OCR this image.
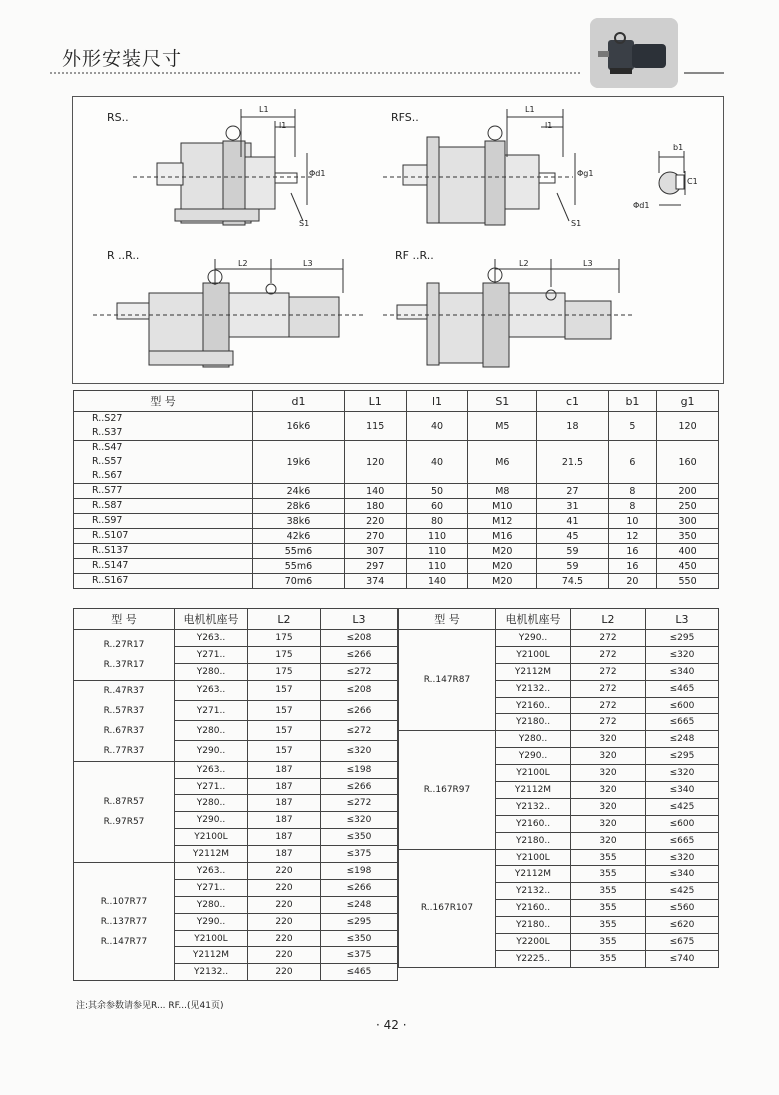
外形安装尺寸
RS..	RFS..
R ..R..	RF ..R..
L1
l1
Φd1
S1
L1
l1
Φg1
S1
L2	L3	L2	L3
b1
C1
Φd1
型 号	d1	L1	l1	S1	c1	b1	g1

R..S27
R..S37	16k6	115	40	M5	18	5	120

R..S47
R..S57
R..S67	19k6	120	40	M6	21.5	6	160

R..S77	24k6	140	50	M8	27	8	200

R..S87	28k6	180	60	M10	31	8	250

R..S97	38k6	220	80	M12	41	10	300

R..S107	42k6	270	110	M16	45	12	350

R..S137	55m6	307	110	M20	59	16	400

R..S147	55m6	297	110	M20	59	16	450

R..S167	70m6	374	140	M20	74.5	20	550
型 号	电机机座号	L2	L3

R..27R17
R..37R17	Y263..	175	≤208
	Y271..	175	≤266
	Y280..	175	≤272

R..47R37
R..57R37
R..67R37
R..77R37	Y263..	157	≤208
	Y271..	157	≤266
	Y280..	157	≤272
	Y290..	157	≤320

R..87R57
R..97R57	Y263..	187	≤198
	Y271..	187	≤266
	Y280..	187	≤272
	Y290..	187	≤320
	Y2100L	187	≤350
	Y2112M	187	≤375

R..107R77
R..137R77
R..147R77	Y263..	220	≤198
	Y271..	220	≤266
	Y280..	220	≤248
	Y290..	220	≤295
	Y2100L	220	≤350
	Y2112M	220	≤375
	Y2132..	220	≤465
型 号	电机机座号	L2	L3

R..147R87	Y290..	272	≤295
	Y2100L	272	≤320
	Y2112M	272	≤340
	Y2132..	272	≤465
	Y2160..	272	≤600
	Y2180..	272	≤665

R..167R97	Y280..	320	≤248
	Y290..	320	≤295
	Y2100L	320	≤320
	Y2112M	320	≤340
	Y2132..	320	≤425
	Y2160..	320	≤600
	Y2180..	320	≤665

R..167R107	Y2100L	355	≤320
	Y2112M	355	≤340
	Y2132..	355	≤425
	Y2160..	355	≤560
	Y2180..	355	≤620
	Y2200L	355	≤675
	Y2225..	355	≤740
注:其余参数请参见R... RF...(见41页)
· 42 ·
